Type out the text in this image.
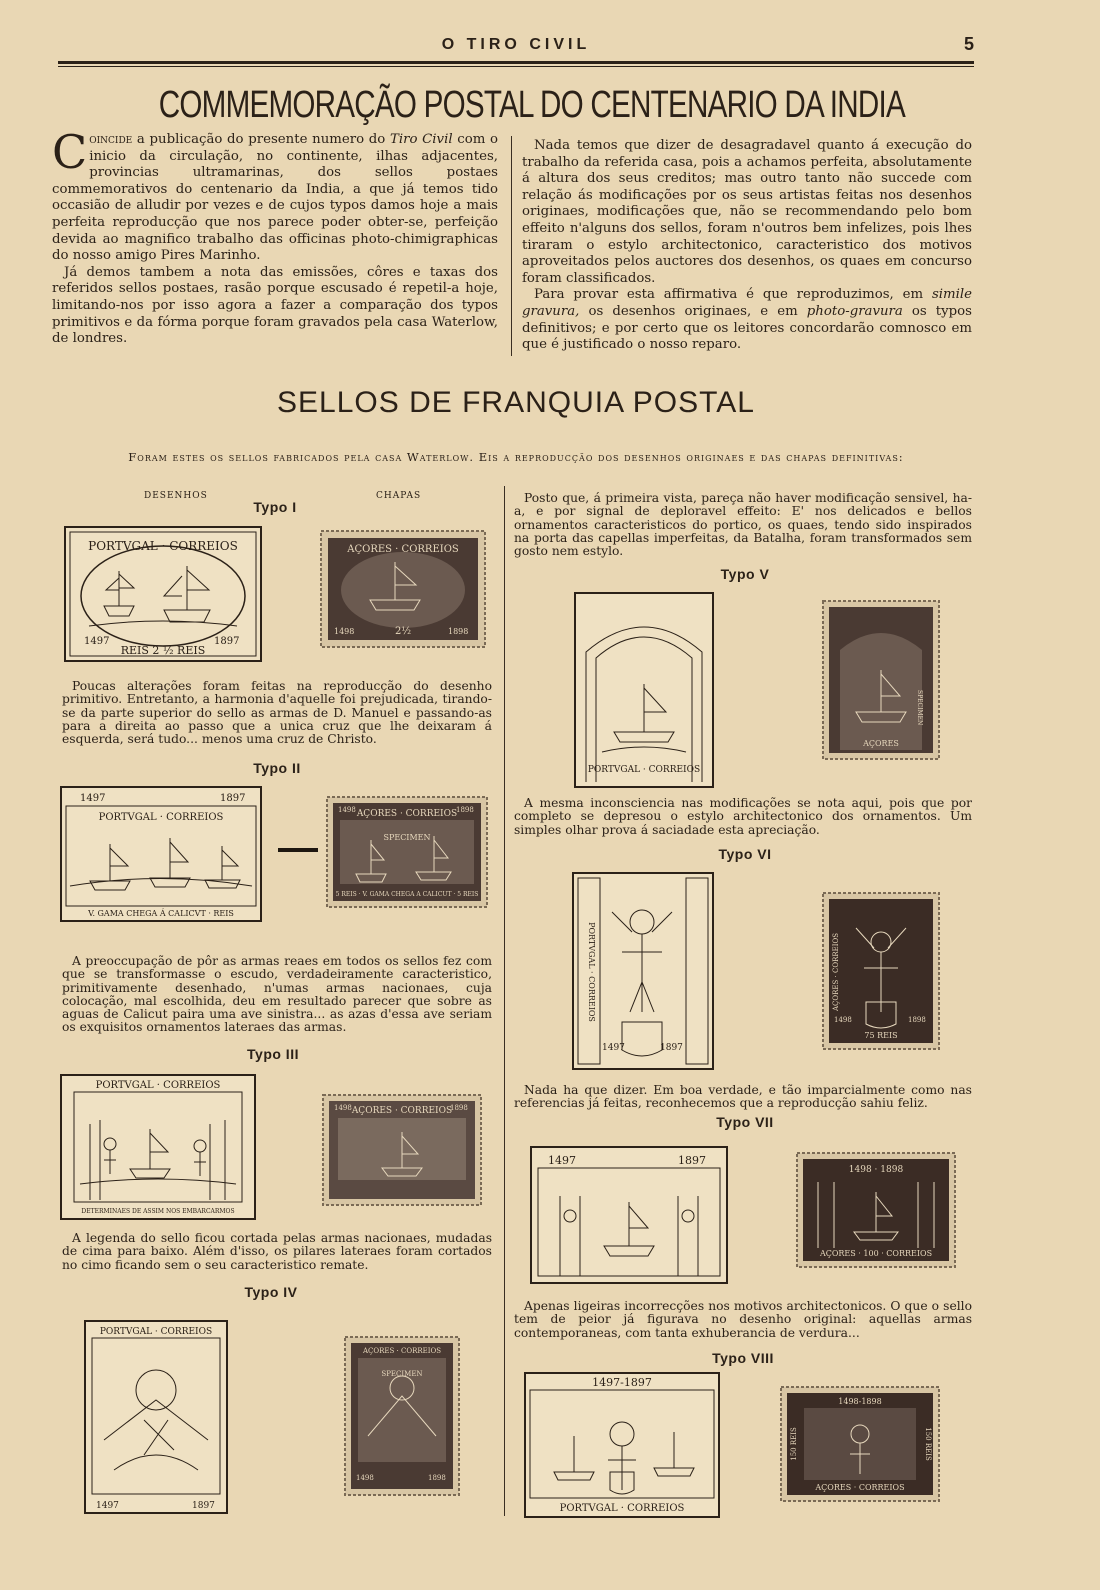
O TIRO CIVIL	5
COMMEMORAÇÃO POSTAL DO CENTENARIO DA INDIA

Coincide a publicação do presente numero do Tiro Civil com o inicio da circulação, no continente, ilhas adjacentes, provincias ultramarinas, dos sellos postaes commemorativos do centenario da India, a que já temos tido occasião de alludir por vezes e de cujos typos damos hoje a mais perfeita reproducção que nos parece poder obter-se, perfeição devida ao magnifico trabalho das officinas photo-chimigraphicas do nosso amigo Pires Marinho.

Já demos tambem a nota das emissões, côres e taxas dos referidos sellos postaes, rasão porque escusado é repetil-a hoje, limitando-nos por isso agora a fazer a comparação dos typos primitivos e da fórma porque foram gravados pela casa Waterlow, de londres.

Nada temos que dizer de desagradavel quanto á execução do trabalho da referida casa, pois a achamos perfeita, absolutamente á altura dos seus creditos; mas outro tanto não succede com relação ás modificações por os seus artistas feitas nos desenhos originaes, modificações que, não se recommendando pelo bom effeito n'alguns dos sellos, foram n'outros bem infelizes, pois lhes tiraram o estylo architectonico, caracteristico dos motivos aproveitados pelos auctores dos desenhos, os quaes em concurso foram classificados.

Para provar esta affirmativa é que reproduzimos, em simile gravura, os desenhos originaes, e em photo-gravura os typos definitivos; e por certo que os leitores concordarão comnosco em que é justificado o nosso reparo.

SELLOS DE FRANQUIA POSTAL
Foram estes os sellos fabricados pela casa Waterlow. Eis a reproducção dos desenhos originaes e das chapas definitivas:
DESENHOS	CHAPAS
Typo I
PORTVGAL · CORREIOS
1497	1897
REIS 2 ½ REIS
AÇORES · CORREIOS
1498	1898
2½

Poucas alterações foram feitas na reproducção do desenho primitivo. Entretanto, a harmonia d'aquelle foi prejudicada, tirando-se da parte superior do sello as armas de D. Manuel e passando-as para a direita ao passo que a unica cruz que lhe deixaram á esquerda, será tudo... menos uma cruz de Christo.

Typo II
1497	1897
PORTVGAL · CORREIOS
V. GAMA CHEGA Á CALICVT · REIS
AÇORES · CORREIOS
1498	1898
SPECIMEN
5 REIS · V. GAMA CHEGA A CALICUT · 5 REIS

A preoccupação de pôr as armas reaes em todos os sellos fez com que se transformasse o escudo, verdadeiramente caracteristico, primitivamente desenhado, n'umas armas nacionaes, cuja colocação, mal escolhida, deu em resultado parecer que sobre as aguas de Calicut paira uma ave sinistra... as azas d'essa ave seriam os exquisitos ornamentos lateraes das armas.

Typo III
PORTVGAL · CORREIOS
DETERMINAES DE ASSIM NOS EMBARCARMOS
AÇORES · CORREIOS
1498	1898

A legenda do sello ficou cortada pelas armas nacionaes, mudadas de cima para baixo. Além d'isso, os pilares lateraes foram cortados no cimo ficando sem o seu caracteristico remate.

Typo IV
PORTVGAL · CORREIOS
1497	1897
AÇORES · CORREIOS
SPECIMEN
1498	1898

Posto que, á primeira vista, pareça não haver modificação sensivel, ha-a, e por signal de deploravel effeito: E' nos delicados e bellos ornamentos caracteristicos do portico, os quaes, tendo sido inspirados na porta das capellas imperfeitas, da Batalha, foram transformados sem gosto nem estylo.

Typo V
PORTVGAL · CORREIOS
AÇORES
SPECIMEN

A mesma inconsciencia nas modificações se nota aqui, pois que por completo se depresou o estylo architectonico dos ornamentos. Um simples olhar prova á saciadade esta apreciação.

Typo VI
PORTVGAL · CORREIOS
1497	1897
AÇORES · CORREIOS
1498	1898
75 REIS

Nada ha que dizer. Em boa verdade, e tão imparcialmente como nas referencias já feitas, reconhecemos que a reproducção sahiu feliz.

Typo VII
1497	1897
1498 · 1898
AÇORES · 100 · CORREIOS

Apenas ligeiras incorrecções nos motivos architectonicos. O que o sello tem de peior já figurava no desenho original: aquellas armas contemporaneas, com tanta exhuberancia de verdura...

Typo VIII
1497-1897
PORTVGAL · CORREIOS
1498-1898
AÇORES · CORREIOS
150 REIS	150 REIS
